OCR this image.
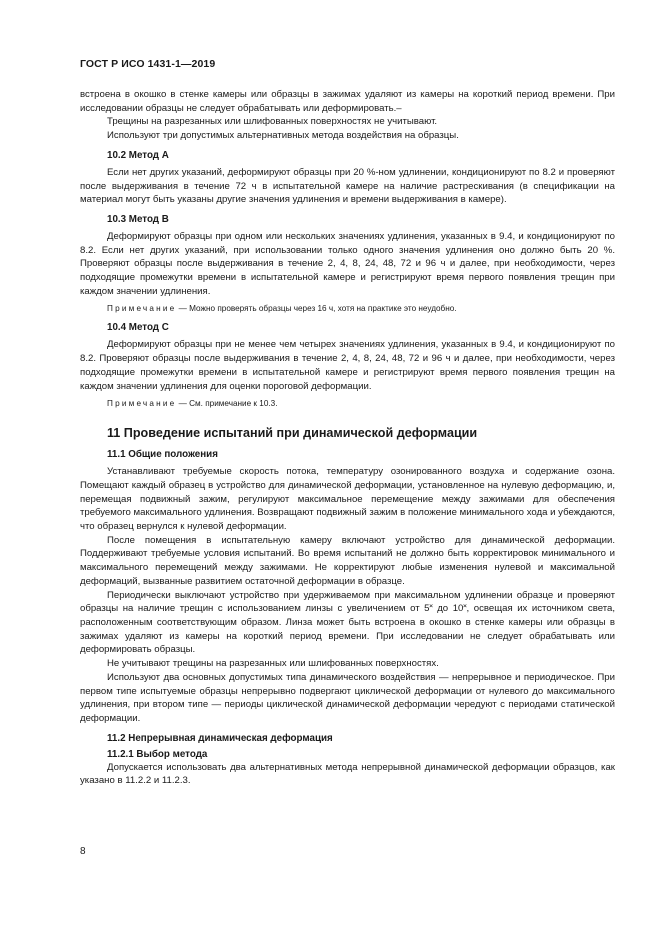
ГОСТ Р ИСО 1431-1—2019

встроена в окошко в стенке камеры или образцы в зажимах удаляют из камеры на короткий период времени. При исследовании образцы не следует обрабатывать или деформировать.–

Трещины на разрезанных или шлифованных поверхностях не учитывают.

Используют три допустимых альтернативных метода воздействия на образцы.

10.2 Метод А

Если нет других указаний, деформируют образцы при 20 %-ном удлинении, кондиционируют по 8.2 и проверяют после выдерживания в течение 72 ч в испытательной камере на наличие растрескивания (в спецификации на материал могут быть указаны другие значения удлинения и времени выдерживания в камере).

10.3 Метод В

Деформируют образцы при одном или нескольких значениях удлинения, указанных в 9.4, и кондиционируют по 8.2. Если нет других указаний, при использовании только одного значения удлинения оно должно быть 20 %. Проверяют образцы после выдерживания в течение 2, 4, 8, 24, 48, 72 и 96 ч и далее, при необходимости, через подходящие промежутки времени в испытательной камере и регистрируют время первого появления трещин при каждом значении удлинения.

Примечание — Можно проверять образцы через 16 ч, хотя на практике это неудобно.
10.4 Метод С

Деформируют образцы при не менее чем четырех значениях удлинения, указанных в 9.4, и кондиционируют по 8.2. Проверяют образцы после выдерживания в течение 2, 4, 8, 24, 48, 72 и 96 ч и далее, при необходимости, через подходящие промежутки времени в испытательной камере и регистрируют время первого появления трещин на каждом значении удлинения для оценки пороговой деформации.

Примечание — См. примечание к 10.3.
11 Проведение испытаний при динамической деформации
11.1 Общие положения

Устанавливают требуемые скорость потока, температуру озонированного воздуха и содержание озона. Помещают каждый образец в устройство для динамической деформации, установленное на нулевую деформацию, и, перемещая подвижный зажим, регулируют максимальное перемещение между зажимами для обеспечения требуемого максимального удлинения. Возвращают подвижный зажим в положение минимального хода и убеждаются, что образец вернулся к нулевой деформации.

После помещения в испытательную камеру включают устройство для динамической деформации. Поддерживают требуемые условия испытаний. Во время испытаний не должно быть корректировок минимального и максимального перемещений между зажимами. Не корректируют любые изменения нулевой и максимальной деформаций, вызванные развитием остаточной деформации в образце.

Периодически выключают устройство при удерживаемом при максимальном удлинении образце и проверяют образцы на наличие трещин с использованием линзы с увеличением от 5˟ до 10˟, освещая их источником света, расположенным соответствующим образом. Линза может быть встроена в окошко в стенке камеры или образцы в зажимах удаляют из камеры на короткий период времени. При исследовании не следует обрабатывать или деформировать образцы.

Не учитывают трещины на разрезанных или шлифованных поверхностях.

Используют два основных допустимых типа динамического воздействия — непрерывное и периодическое. При первом типе испытуемые образцы непрерывно подвергают циклической деформации от нулевого до максимального удлинения, при втором типе — периоды циклической динамической деформации чередуют с периодами статической деформации.

11.2 Непрерывная динамическая деформация
11.2.1 Выбор метода

Допускается использовать два альтернативных метода непрерывной динамической деформации образцов, как указано в 11.2.2 и 11.2.3.

8
